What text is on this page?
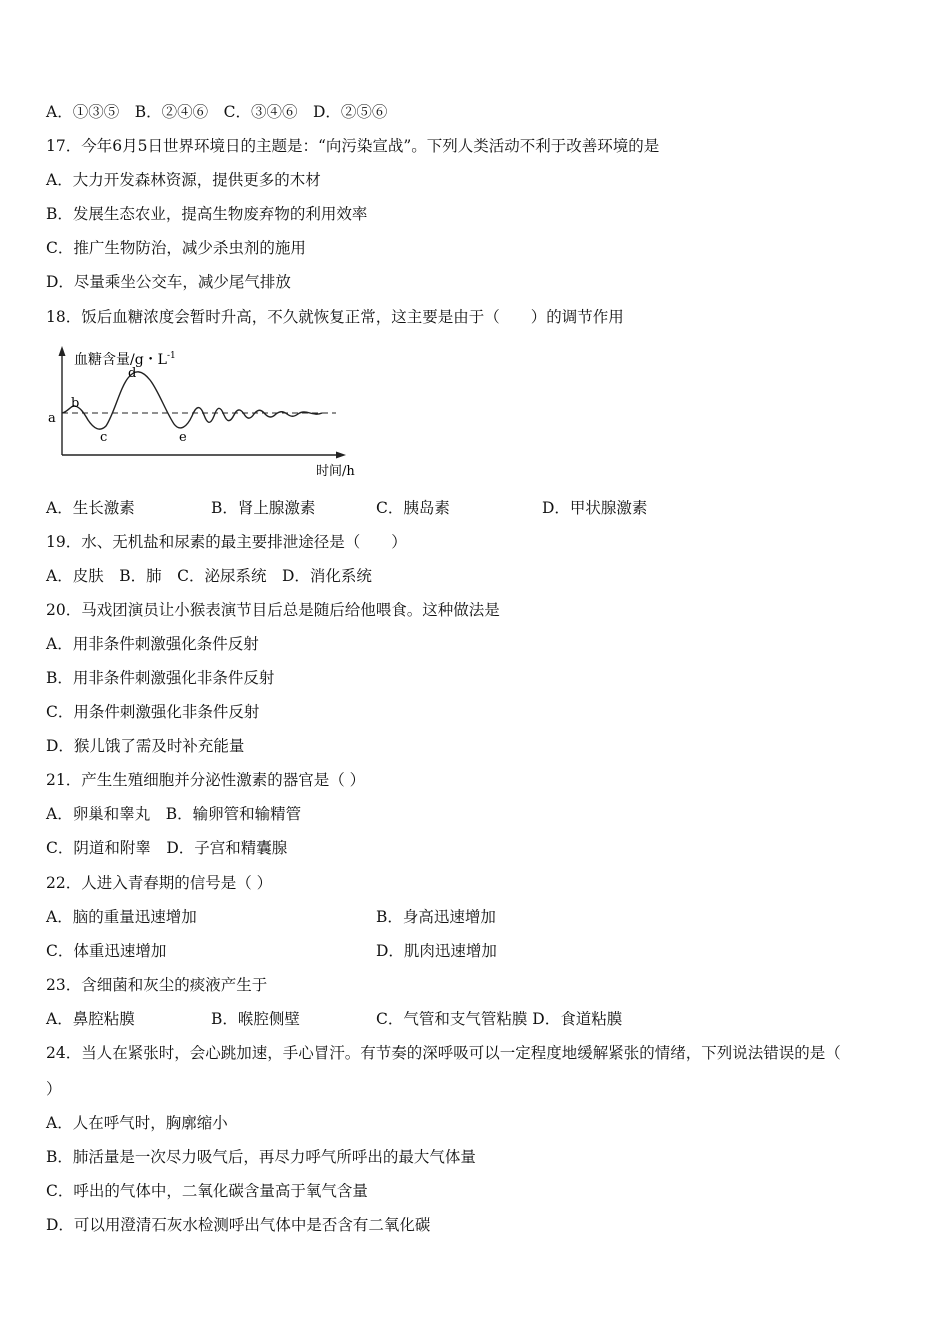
A．①③⑤　B．②④⑥　C．③④⑥　D．②⑤⑥
17．今年6月5日世界环境日的主题是：“向污染宣战”。下列人类活动不利于改善环境的是
A．大力开发森林资源，提供更多的木材
B．发展生态农业，提高生物废弃物的利用效率
C．推广生物防治，减少杀虫剂的施用
D．尽量乘坐公交车，减少尾气排放
18．饭后血糖浓度会暂时升高，不久就恢复正常，这主要是由于（　　）的调节作用
血糖含量/g・$L^{-1}$
a
b
c
d
e
时间/h
A．生长激素	B．肾上腺激素	C．胰岛素	D．甲状腺激素
19．水、无机盐和尿素的最主要排泄途径是（　　）
A．皮肤　B．肺　C．泌尿系统　D．消化系统
20．马戏团演员让小猴表演节目后总是随后给他喂食。这种做法是
A．用非条件刺激强化条件反射
B．用非条件刺激强化非条件反射
C．用条件刺激强化非条件反射
D．猴儿饿了需及时补充能量
21．产生生殖细胞并分泌性激素的器官是（ ）
A．卵巢和睾丸　B．输卵管和输精管
C．阴道和附睾　D．子宫和精囊腺
22．人进入青春期的信号是（ ）
A．脑的重量迅速增加	B．身高迅速增加
C．体重迅速增加	D．肌肉迅速增加
23．含细菌和灰尘的痰液产生于
A．鼻腔粘膜	B．喉腔侧壁	C．气管和支气管粘膜 D．食道粘膜
24．当人在紧张时，会心跳加速，手心冒汗。有节奏的深呼吸可以一定程度地缓解紧张的情绪，下列说法错误的是（
）
A．人在呼气时，胸廓缩小
B．肺活量是一次尽力吸气后，再尽力呼气所呼出的最大气体量
C．呼出的气体中，二氧化碳含量高于氧气含量
D．可以用澄清石灰水检测呼出气体中是否含有二氧化碳
